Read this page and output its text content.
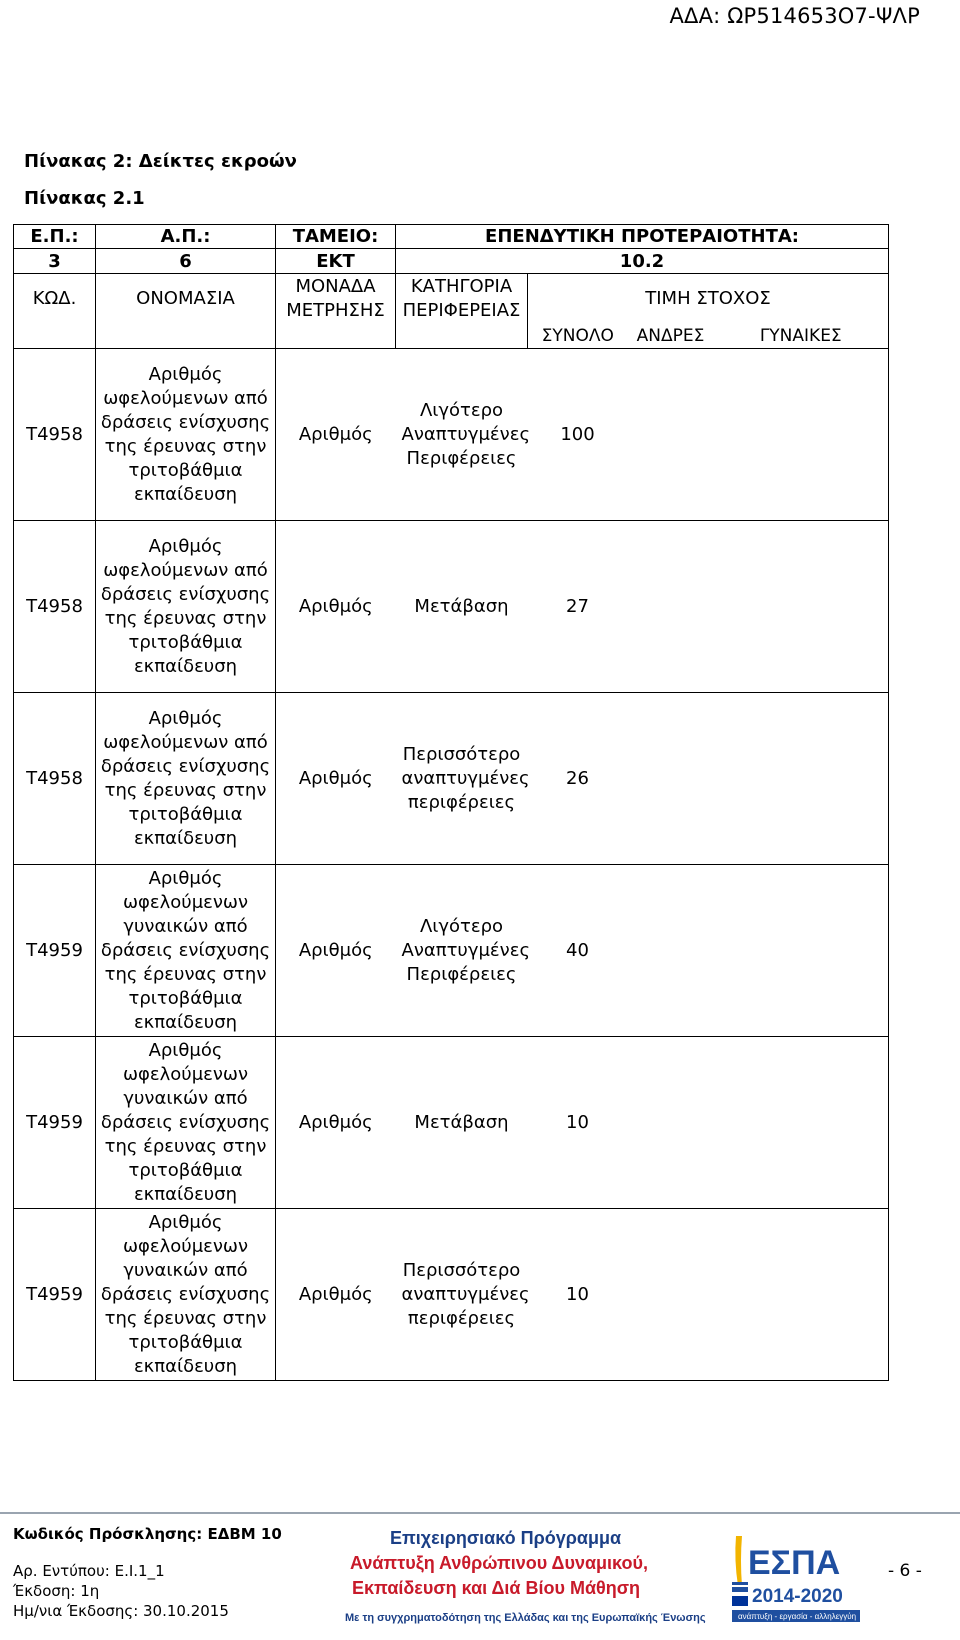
ΑΔΑ: ΩΡ514653Ο7-ΨΛΡ
Πίνακας 2: Δείκτες εκροών
Πίνακας 2.1
Ε.Π.:	Α.Π.:	ΤΑΜΕΙΟ:	ΕΠΕΝΔΥΤΙΚΗ ΠΡΟΤΕΡΑΙΟΤΗΤΑ:			
3	6	ΕΚΤ	10.2			
ΚΩΔ.	ΟΝΟΜΑΣΙΑ	ΜΟΝΑΔΑ ΜΕΤΡΗΣΗΣ	ΚΑΤΗΓΟΡΙΑ ΠΕΡΙΦΕΡΕΙΑΣ	ΤΙΜΗ ΣΤΟΧΟΣ		
				ΣΥΝΟΛΟ	ΑΝΔΡΕΣ	ΓΥΝΑΙΚΕΣ
Τ4958	Αριθμός ωφελούμενων από δράσεις ενίσχυσης της έρευνας στην τριτοβάθμια εκπαίδευση	Αριθμός	Λιγότερο Αναπτυγμένες Περιφέρειες	100		
Τ4958	Αριθμός ωφελούμενων από δράσεις ενίσχυσης της έρευνας στην τριτοβάθμια εκπαίδευση	Αριθμός	Μετάβαση	27		
Τ4958	Αριθμός ωφελούμενων από δράσεις ενίσχυσης της έρευνας στην τριτοβάθμια εκπαίδευση	Αριθμός	Περισσότερο αναπτυγμένες περιφέρειες	26		
Τ4959	Αριθμός ωφελούμενων γυναικών από δράσεις ενίσχυσης της έρευνας στην τριτοβάθμια εκπαίδευση	Αριθμός	Λιγότερο Αναπτυγμένες Περιφέρειες	40		
Τ4959	Αριθμός ωφελούμενων γυναικών από δράσεις ενίσχυσης της έρευνας στην τριτοβάθμια εκπαίδευση	Αριθμός	Μετάβαση	10		
Τ4959	Αριθμός ωφελούμενων γυναικών από δράσεις ενίσχυσης της έρευνας στην τριτοβάθμια εκπαίδευση	Αριθμός	Περισσότερο αναπτυγμένες περιφέρειες	10		
Κωδικός Πρόσκλησης: ΕΔΒΜ 10
Αρ. Εντύπου: Ε.Ι.1_1
Έκδοση: 1η
Ημ/νια Έκδοσης: 30.10.2015
Επιχειρησιακό Πρόγραμμα
Ανάπτυξη Ανθρώπινου Δυναμικού,
Εκπαίδευση και Διά Βίου Μάθηση
Με τη συγχρηματοδότηση της Ελλάδας και της Ευρωπαϊκής Ένωσης
ΕΣΠΑ
2014-2020
ανάπτυξη - εργασία - αλληλεγγύη
- 6 -
